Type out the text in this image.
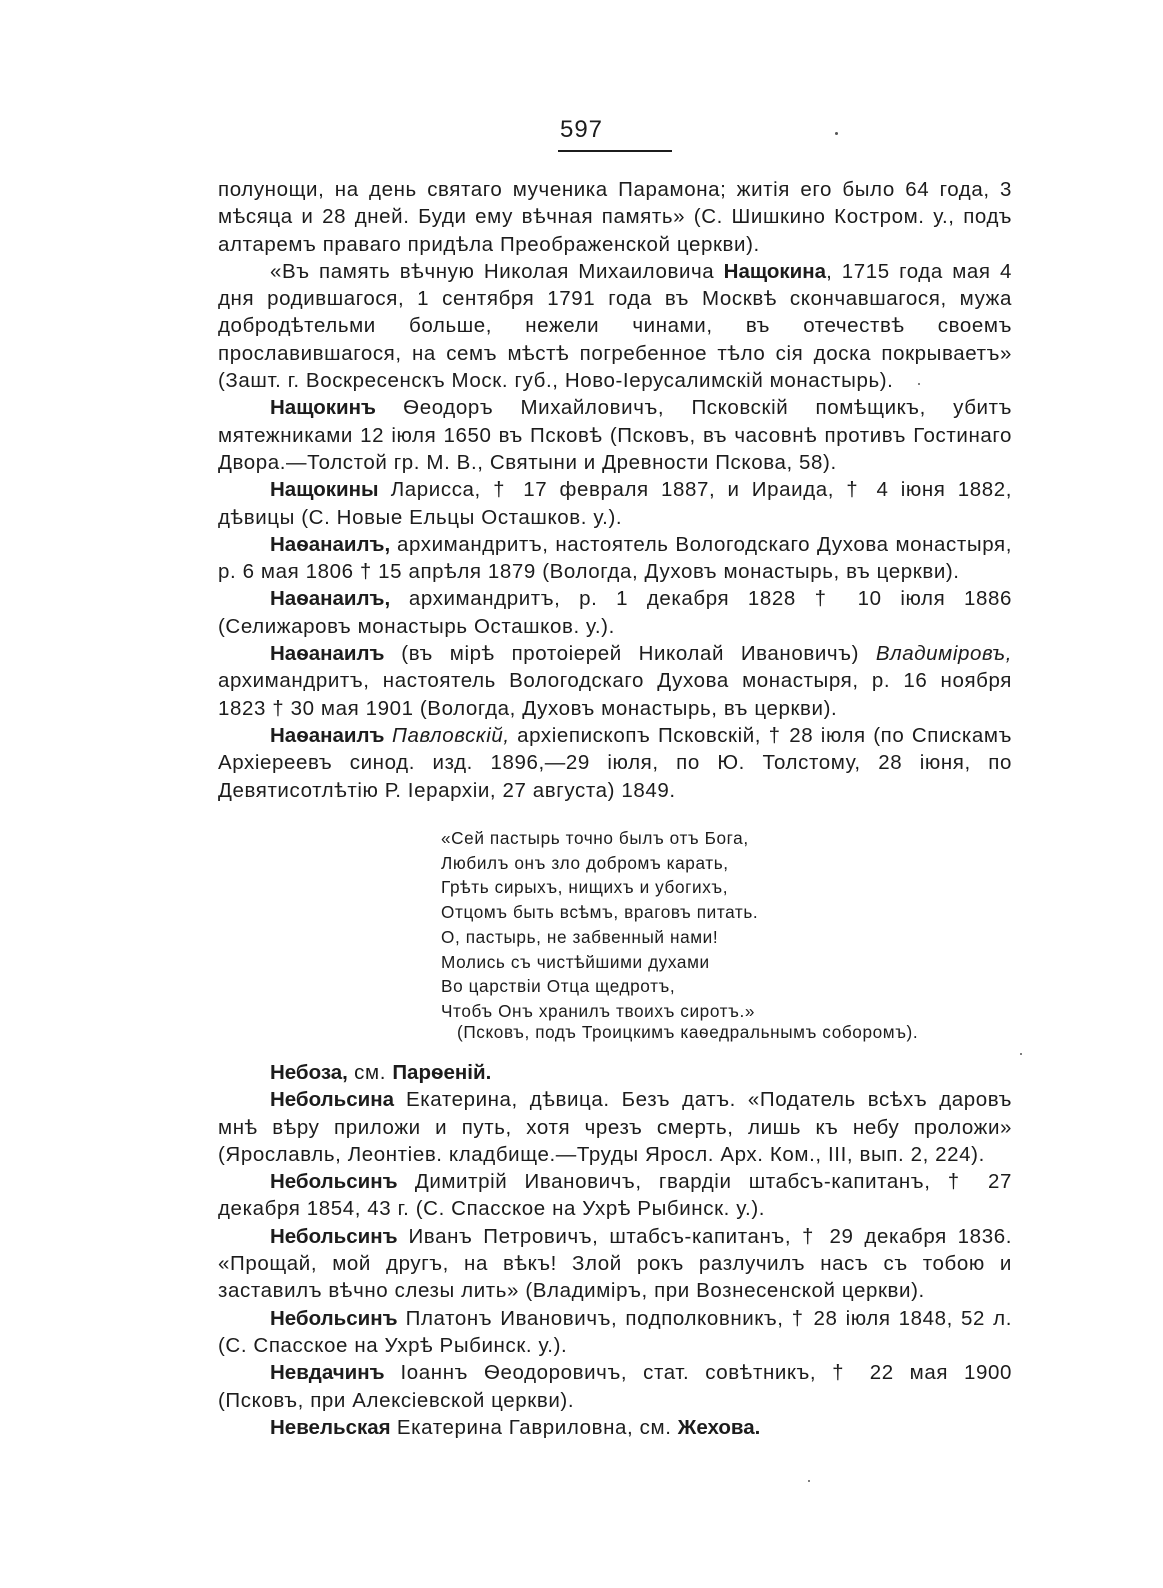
597

полунощи, на день святаго мученика Парамона; житія его было 64 года, 3 мѣсяца и 28 дней. Буди ему вѣчная память» (С. Шишкино Костром. у., подъ алтаремъ праваго придѣла Преображенской церкви).

«Въ память вѣчную Николая Михаиловича Нащокина, 1715 года мая 4 дня родившагося, 1 сентября 1791 года въ Москвѣ скончавшагося, мужа добродѣтельми больше, нежели чинами, въ отечествѣ своемъ прославившагося, на семъ мѣстѣ погребенное тѣло сія доска покрываетъ» (Зашт. г. Воскресенскъ Моск. губ., Ново-Іерусалимскій монастырь).

Нащокинъ Ѳеодоръ Михайловичъ, Псковскій помѣщикъ, убитъ мятежниками 12 іюля 1650 въ Псковѣ (Псковъ, въ часовнѣ противъ Гостинаго Двора.—Толстой гр. М. В., Святыни и Древности Пскова, 58).

Нащокины Ларисса, † 17 февраля 1887, и Ираида, † 4 іюня 1882, дѣвицы (С. Новые Ельцы Осташков. у.).

Наѳанаилъ, архимандритъ, настоятель Вологодскаго Духова монастыря, р. 6 мая 1806 † 15 апрѣля 1879 (Вологда, Духовъ монастырь, въ церкви).

Наѳанаилъ, архимандритъ, р. 1 декабря 1828 † 10 іюля 1886 (Селижаровъ монастырь Осташков. у.).

Наѳанаилъ (въ мірѣ протоіерей Николай Ивановичъ) Владиміровъ, архимандритъ, настоятель Вологодскаго Духова монастыря, р. 16 ноября 1823 † 30 мая 1901 (Вологда, Духовъ монастырь, въ церкви).

Наѳанаилъ Павловскій, архіепископъ Псковскій, † 28 іюля (по Спискамъ Архіереевъ синод. изд. 1896,—29 іюля, по Ю. Толстому, 28 іюня, по Девятисотлѣтію Р. Іерархіи, 27 августа) 1849.

«Сей пастырь точно былъ отъ Бога,
Любилъ онъ зло добромъ карать,
Грѣть сирыхъ, нищихъ и убогихъ,
Отцомъ быть всѣмъ, враговъ питать.
О, пастырь, не забвенный нами!
Молись съ чистѣйшими духами
Во царствіи Отца щедротъ,
Чтобъ Онъ хранилъ твоихъ сиротъ.»
(Псковъ, подъ Троицкимъ каѳедральнымъ соборомъ).

Небоза, см. Парѳеній.

Небольсина Екатерина, дѣвица. Безъ датъ. «Податель всѣхъ даровъ мнѣ вѣру приложи и путь, хотя чрезъ смерть, лишь къ небу проложи» (Ярославль, Леонтіев. кладбище.—Труды Яросл. Арх. Ком., III, вып. 2, 224).

Небольсинъ Димитрій Ивановичъ, гвардіи штабсъ-капитанъ, † 27 декабря 1854, 43 г. (С. Спасское на Ухрѣ Рыбинск. у.).

Небольсинъ Иванъ Петровичъ, штабсъ-капитанъ, † 29 декабря 1836. «Прощай, мой другъ, на вѣкъ! Злой рокъ разлучилъ насъ съ тобою и заставилъ вѣчно слезы лить» (Владиміръ, при Вознесенской церкви).

Небольсинъ Платонъ Ивановичъ, подполковникъ, † 28 іюля 1848, 52 л. (С. Спасское на Ухрѣ Рыбинск. у.).

Невдачинъ Іоаннъ Ѳеодоровичъ, стат. совѣтникъ, † 22 мая 1900 (Псковъ, при Алексіевской церкви).

Невельская Екатерина Гавриловна, см. Жехова.
